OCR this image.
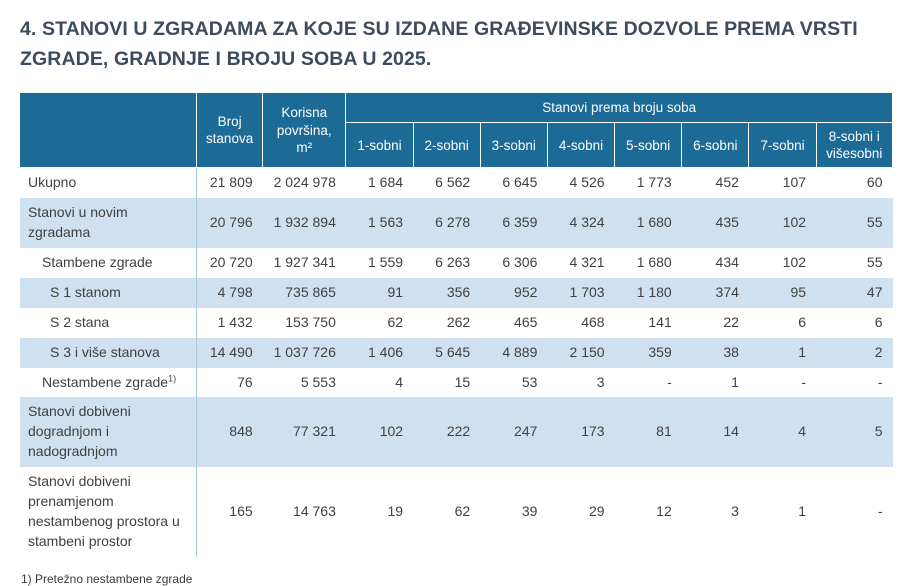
4. STANOVI U ZGRADAMA ZA KOJE SU IZDANE GRAĐEVINSKE DOZVOLE PREMA VRSTI ZGRADE, GRADNJE I BROJU SOBA U 2025.
	Broj stanova	Korisna površina, m²	Stanovi prema broju soba							
			1-sobni	2-sobni	3-sobni	4-sobni	5-sobni	6-sobni	7-sobni	8-sobni i višesobni
Ukupno	21 809	2 024 978	1 684	6 562	6 645	4 526	1 773	452	107	60
Stanovi u novim zgradama	20 796	1 932 894	1 563	6 278	6 359	4 324	1 680	435	102	55
Stambene zgrade	20 720	1 927 341	1 559	6 263	6 306	4 321	1 680	434	102	55
S 1 stanom	4 798	735 865	91	356	952	1 703	1 180	374	95	47
S 2 stana	1 432	153 750	62	262	465	468	141	22	6	6
S 3 i više stanova	14 490	1 037 726	1 406	5 645	4 889	2 150	359	38	1	2
Nestambene zgrade$^{1)}$	76	5 553	4	15	53	3	-	1	-	-
Stanovi dobiveni dogradnjom i nadogradnjom	848	77 321	102	222	247	173	81	14	4	5
Stanovi dobiveni prenamjenom nestambenog prostora u stambeni prostor	165	14 763	19	62	39	29	12	3	1	-
1) Pretežno nestambene zgrade
